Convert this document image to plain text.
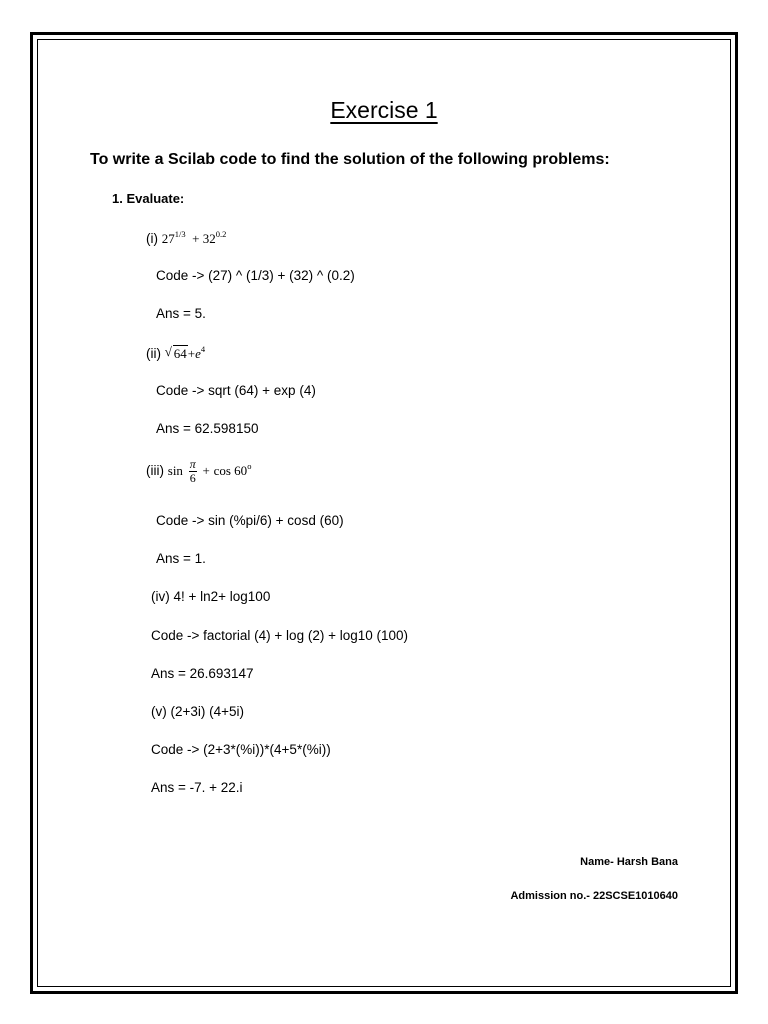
Exercise 1
To write a Scilab code to find the solution of the following problems:
1. Evaluate:
(i) $27^{1/3} + 32^{0.2}$
Code -> (27) ^ (1/3) + (32) ^ (0.2)
Ans = 5.
(ii) √ $64+e^4$
Code -> sqrt (64) + exp (4)
Ans = 62.598150
(iii) $\sin \frac{\pi}{6} + \cos 60^o$
Code -> sin (%pi/6) + cosd (60)
Ans = 1.
(iv) 4! + ln2+ log100
Code -> factorial (4) + log (2) + log10 (100)
Ans = 26.693147
(v) (2+3i) (4+5i)
Code -> (2+3*(%i))*(4+5*(%i))
Ans = -7. + 22.i
Name- Harsh Bana
Admission no.- 22SCSE1010640
